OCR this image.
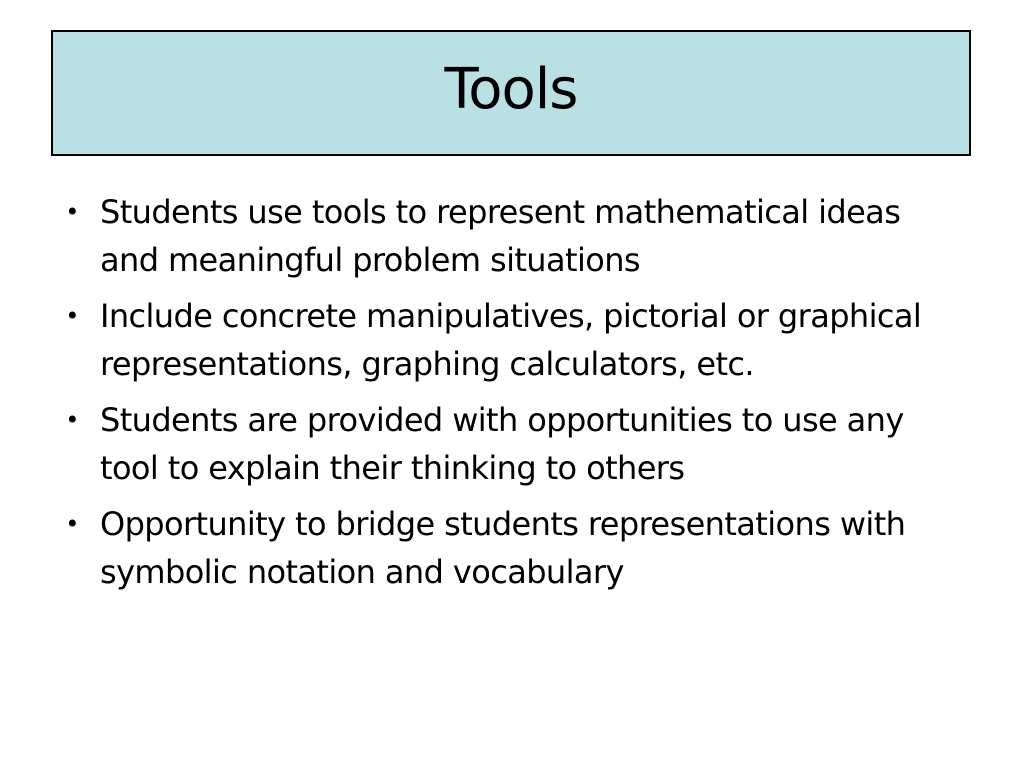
Tools
• Students use tools to represent mathematical ideas and meaningful problem situations
• Include concrete manipulatives, pictorial or graphical representations, graphing calculators, etc.
• Students are provided with opportunities to use any tool to explain their thinking to others
• Opportunity to bridge students representations with symbolic notation and vocabulary
